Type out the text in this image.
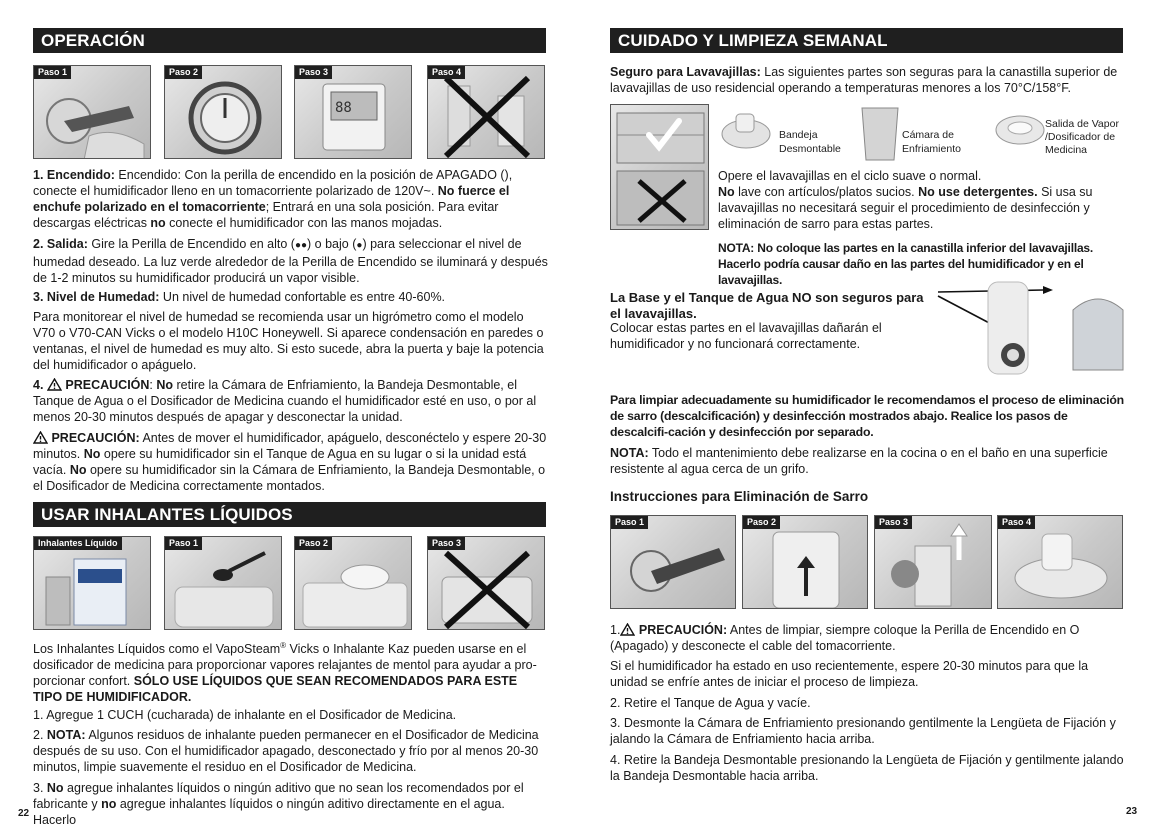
OPERACIÓN
Paso 1	Paso 2
88
Paso 3	Paso 4

1. Encendido: Encendido: Con la perilla de encendido en la posición de APAGADO (), conecte el humidificador lleno en un tomacorriente polarizado de 120V~. No fuerce el enchufe polarizado en el tomacorriente; Entrará en una sola posición. Para evitar descargas eléctricas no conecte el humidificador con las manos mojadas.

2. Salida: Gire la Perilla de Encendido en alto (●●) o bajo (●) para seleccionar el nivel de humedad deseado. La luz verde alrededor de la Perilla de Encendido se iluminará y después de 1-2 minutos su humidificador producirá un vapor visible.

3. Nivel de Humedad: Un nivel de humedad confortable es entre 40-60%.

Para monitorear el nivel de humedad se recomienda usar un higrómetro como el modelo V70 o V70-CAN Vicks o el modelo H10C Honeywell. Si aparece condensación en paredes o ventanas, el nivel de humedad es muy alto. Si esto sucede, abra la puerta y baje la potencia del humidificador o apáguelo.

4.  PRECAUCIÓN: No retire la Cámara de Enfriamiento, la Bandeja Desmontable, el Tanque de Agua o el Dosificador de Medicina cuando el humidificador esté en uso, o por al menos 20-30 minutos después de apagar y desconectar la unidad.

PRECAUCIÓN: Antes de mover el humidificador, apáguelo, desconéctelo y espere 20-30 minutos. No opere su humidificador sin el Tanque de Agua en su lugar o si la unidad está vacía. No opere su humidificador sin la Cámara de Enfriamiento, la Bandeja Desmontable, o el Dosificador de Medicina correctamente montados.

USAR INHALANTES LÍQUIDOS
Inhalantes Líquido	Paso 1	Paso 2	Paso 3

Los Inhalantes Líquidos como el VapoSteam® Vicks o Inhalante Kaz pueden usarse en el dosificador de medicina para proporcionar vapores relajantes de mentol para ayudar a pro-porcionar confort. SÓLO USE LÍQUIDOS QUE SEAN RECOMENDADOS PARA ESTE TIPO DE HUMIDIFICADOR.

1. Agregue 1 CUCH (cucharada) de inhalante en el Dosificador de Medicina.

2. NOTA: Algunos residuos de inhalante pueden permanecer en el Dosificador de Medicina después de su uso. Con el humidificador apagado, desconectado y frío por al menos 20-30 minutos, limpie suavemente el residuo en el Dosificador de Medicina.

3. No agregue inhalantes líquidos o ningún aditivo que no sean los recomendados por el fabricante y no agregue inhalantes líquidos o ningún aditivo directamente en el agua. Hacerlo

22
CUIDADO Y LIMPIEZA SEMANAL

Seguro para Lavavajillas: Las siguientes partes son seguras para la canastilla superior de lavavajillas de uso residencial operando a temperaturas menores a los 70°C/158°F.

Bandeja Desmontable
Cámara de Enfriamiento
Salida de Vapor /Dosificador de Medicina

Opere el lavavajillas en el ciclo suave o normal.
No lave con artículos/platos sucios. No use detergentes. Si usa su lavavajillas no necesitará seguir el procedimiento de desinfección y eliminación de sarro para estas partes.

NOTA: No coloque las partes en la canastilla inferior del lavavajillas. Hacerlo podría causar daño en las partes del humidificador y en el lavavajillas.

La Base y el Tanque de Agua NO son seguros para el lavavajillas.

Colocar estas partes en el lavavajillas dañarán el humidificador y no funcionará correctamente.

Para limpiar adecuadamente su humidificador le recomendamos el proceso de eliminación de sarro (descalcificación) y desinfección mostrados abajo. Realice los pasos de descalcifi-cación y desinfección por separado.

NOTA: Todo el mantenimiento debe realizarse en la cocina o en el baño en una superficie resistente al agua cerca de un grifo.

Instrucciones para Eliminación de Sarro
Paso 1	Paso 2	Paso 3	Paso 4

1. PRECAUCIÓN: Antes de limpiar, siempre coloque la Perilla de Encendido en O (Apagado) y desconecte el cable del tomacorriente.

Si el humidificador ha estado en uso recientemente, espere 20-30 minutos para que la unidad se enfríe antes de iniciar el proceso de limpieza.

2. Retire el Tanque de Agua y vacíe.

3. Desmonte la Cámara de Enfriamiento presionando gentilmente la Lengüeta de Fijación y jalando la Cámara de Enfriamiento hacia arriba.

4. Retire la Bandeja Desmontable presionando la Lengüeta de Fijación y gentilmente jalando la Bandeja Desmontable hacia arriba.

23
